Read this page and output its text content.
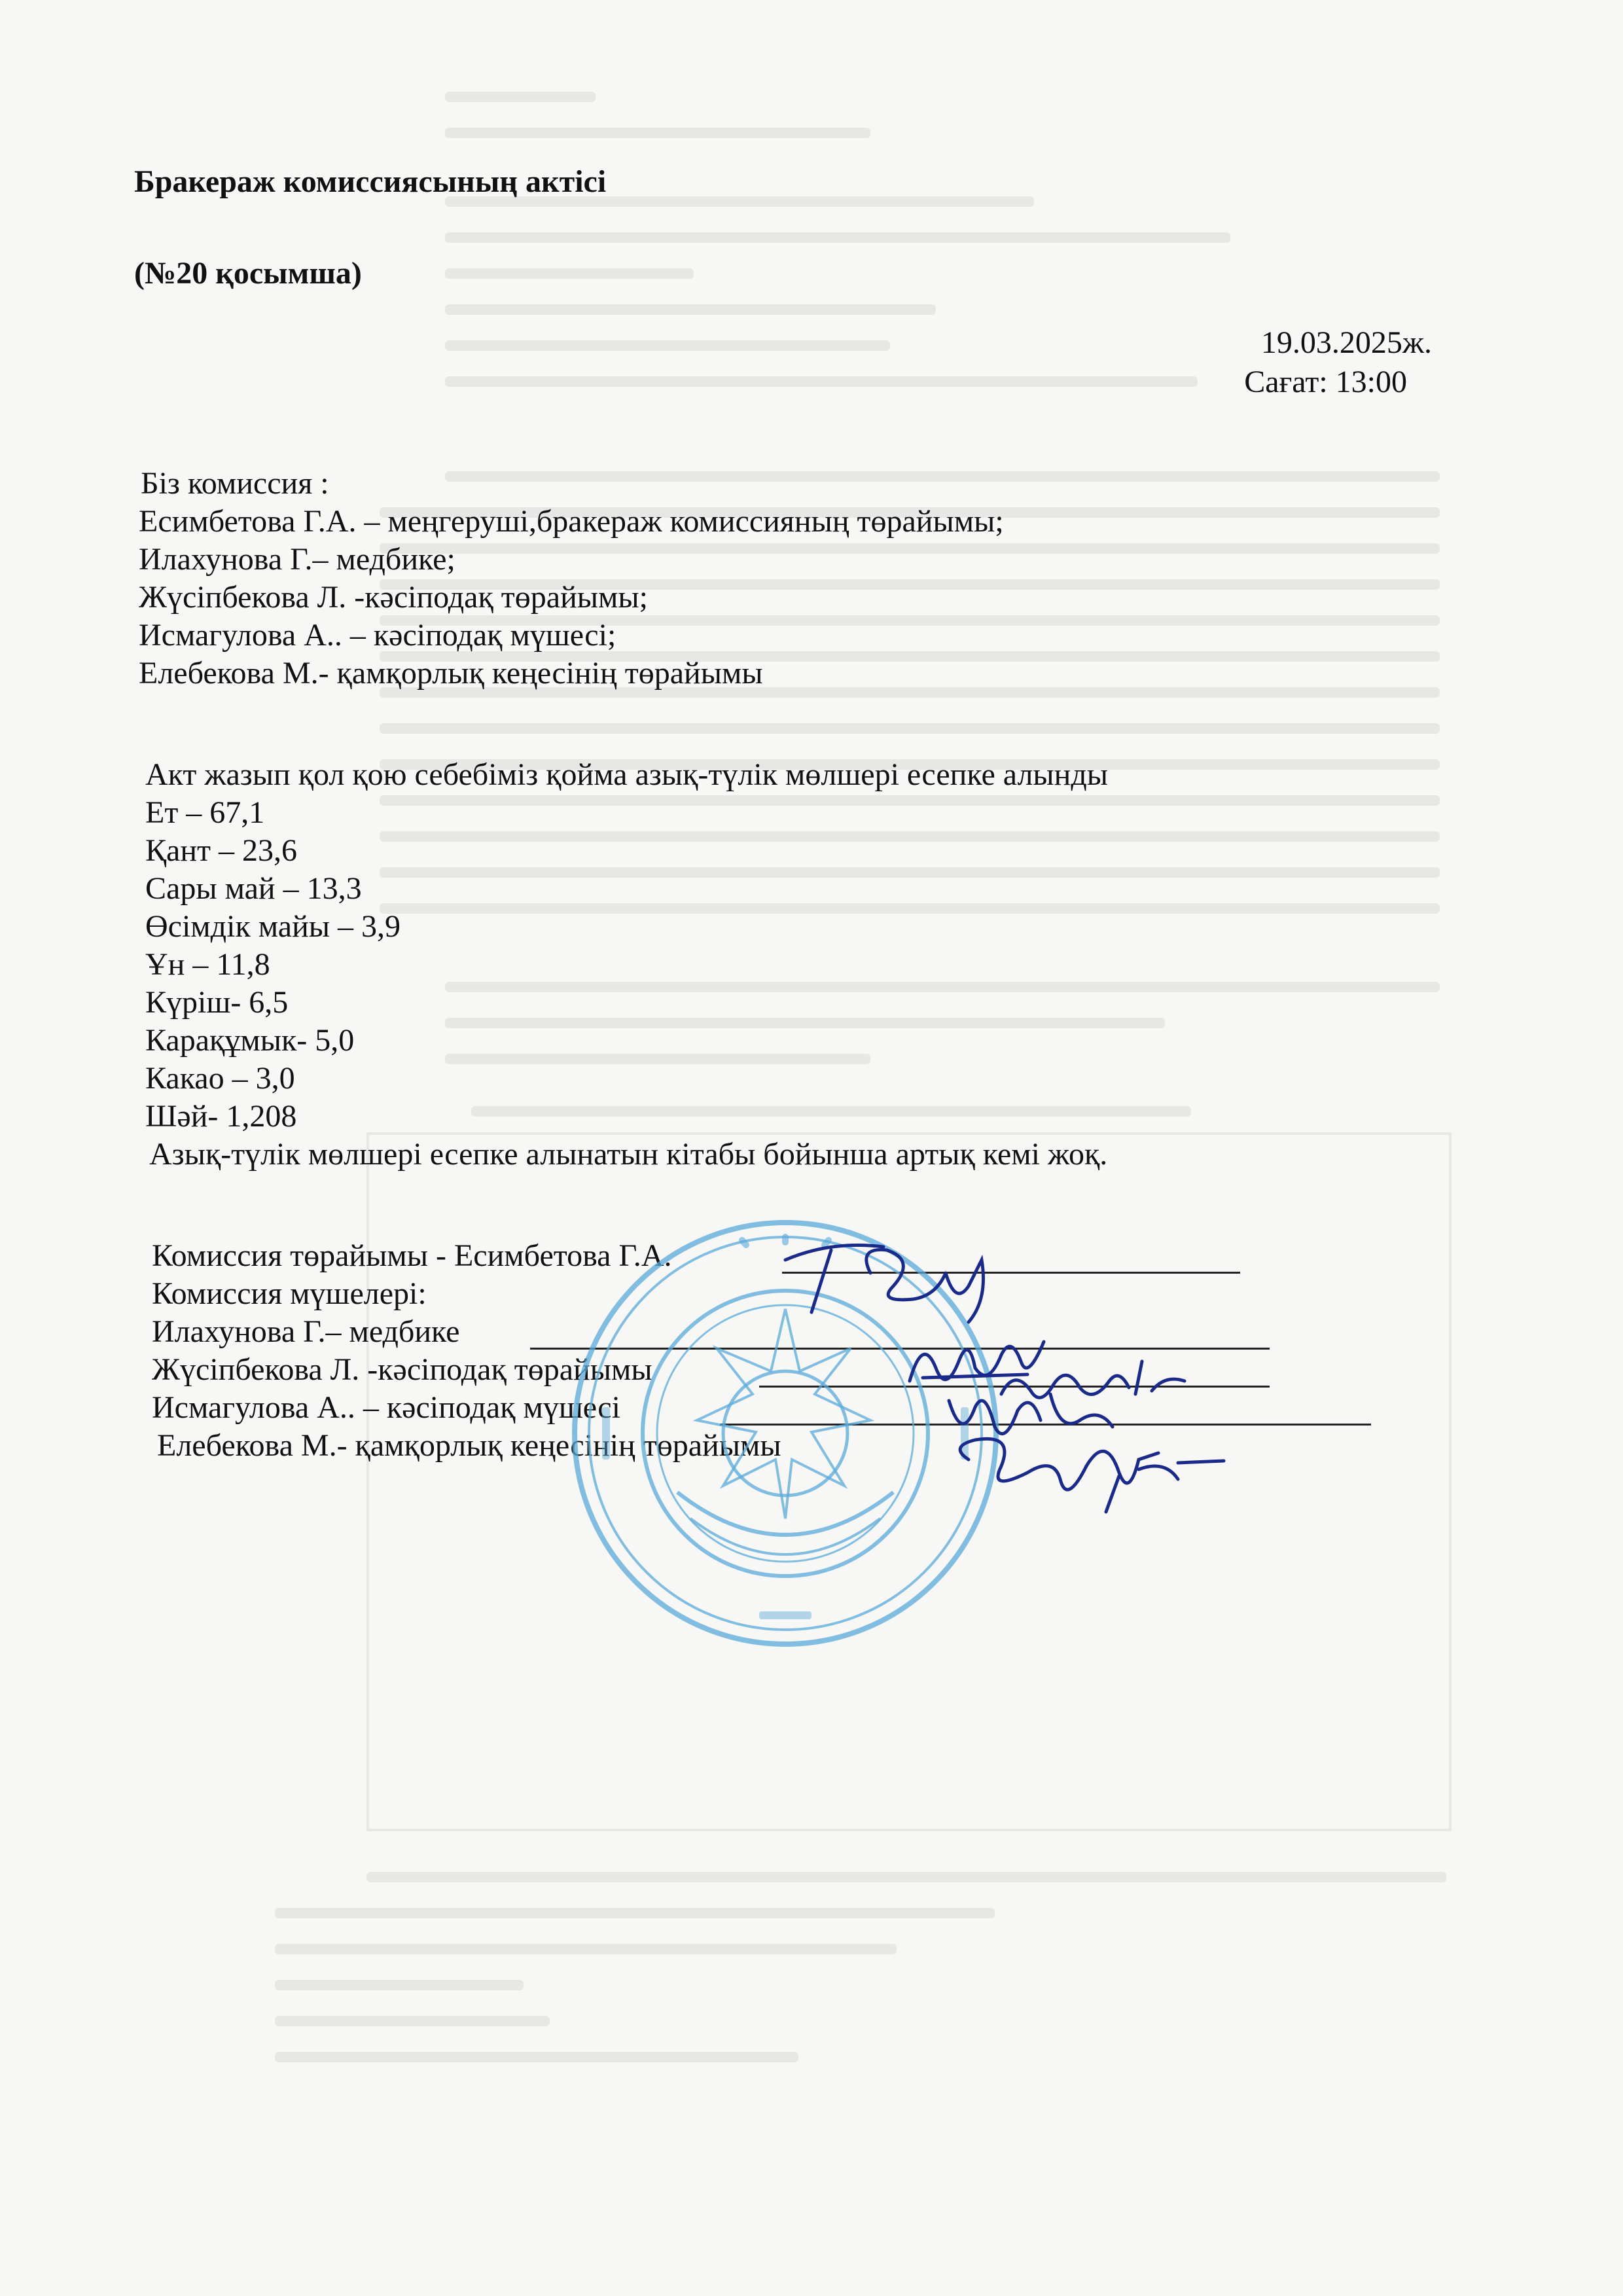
Бракераж комиссиясының актісі
(№20 қосымша)
19.03.2025ж.
Сағат: 13:00
Біз комиссия :
Есимбетова Г.А. – меңгеруші,бракераж комиссияның төрайымы;
Илахунова Г.– медбике;
Жүсіпбекова Л. -кәсіподақ төрайымы;
Исмагулова А.. – кәсіподақ мүшесі;
Елебекова М.- қамқорлық кеңесінің төрайымы
Акт жазып қол қою себебіміз қойма азық-түлік мөлшері есепке алынды
Ет – 67,1
Қант – 23,6
Сары май – 13,3
Өсімдік майы – 3,9
Ұн – 11,8
Күріш- 6,5
Карақұмык- 5,0
Какао – 3,0
Шәй- 1,208
Азық-түлік мөлшері есепке алынатын кітабы бойынша артық кемі жоқ.
Комиссия төрайымы - Есимбетова Г.А.
Комиссия мүшелері:
Илахунова Г.– медбике
Жүсіпбекова Л. -кәсіподақ төрайымы
Исмагулова А.. – кәсіподақ мүшесі
Елебекова М.- қамқорлық кеңесінің төрайымы
